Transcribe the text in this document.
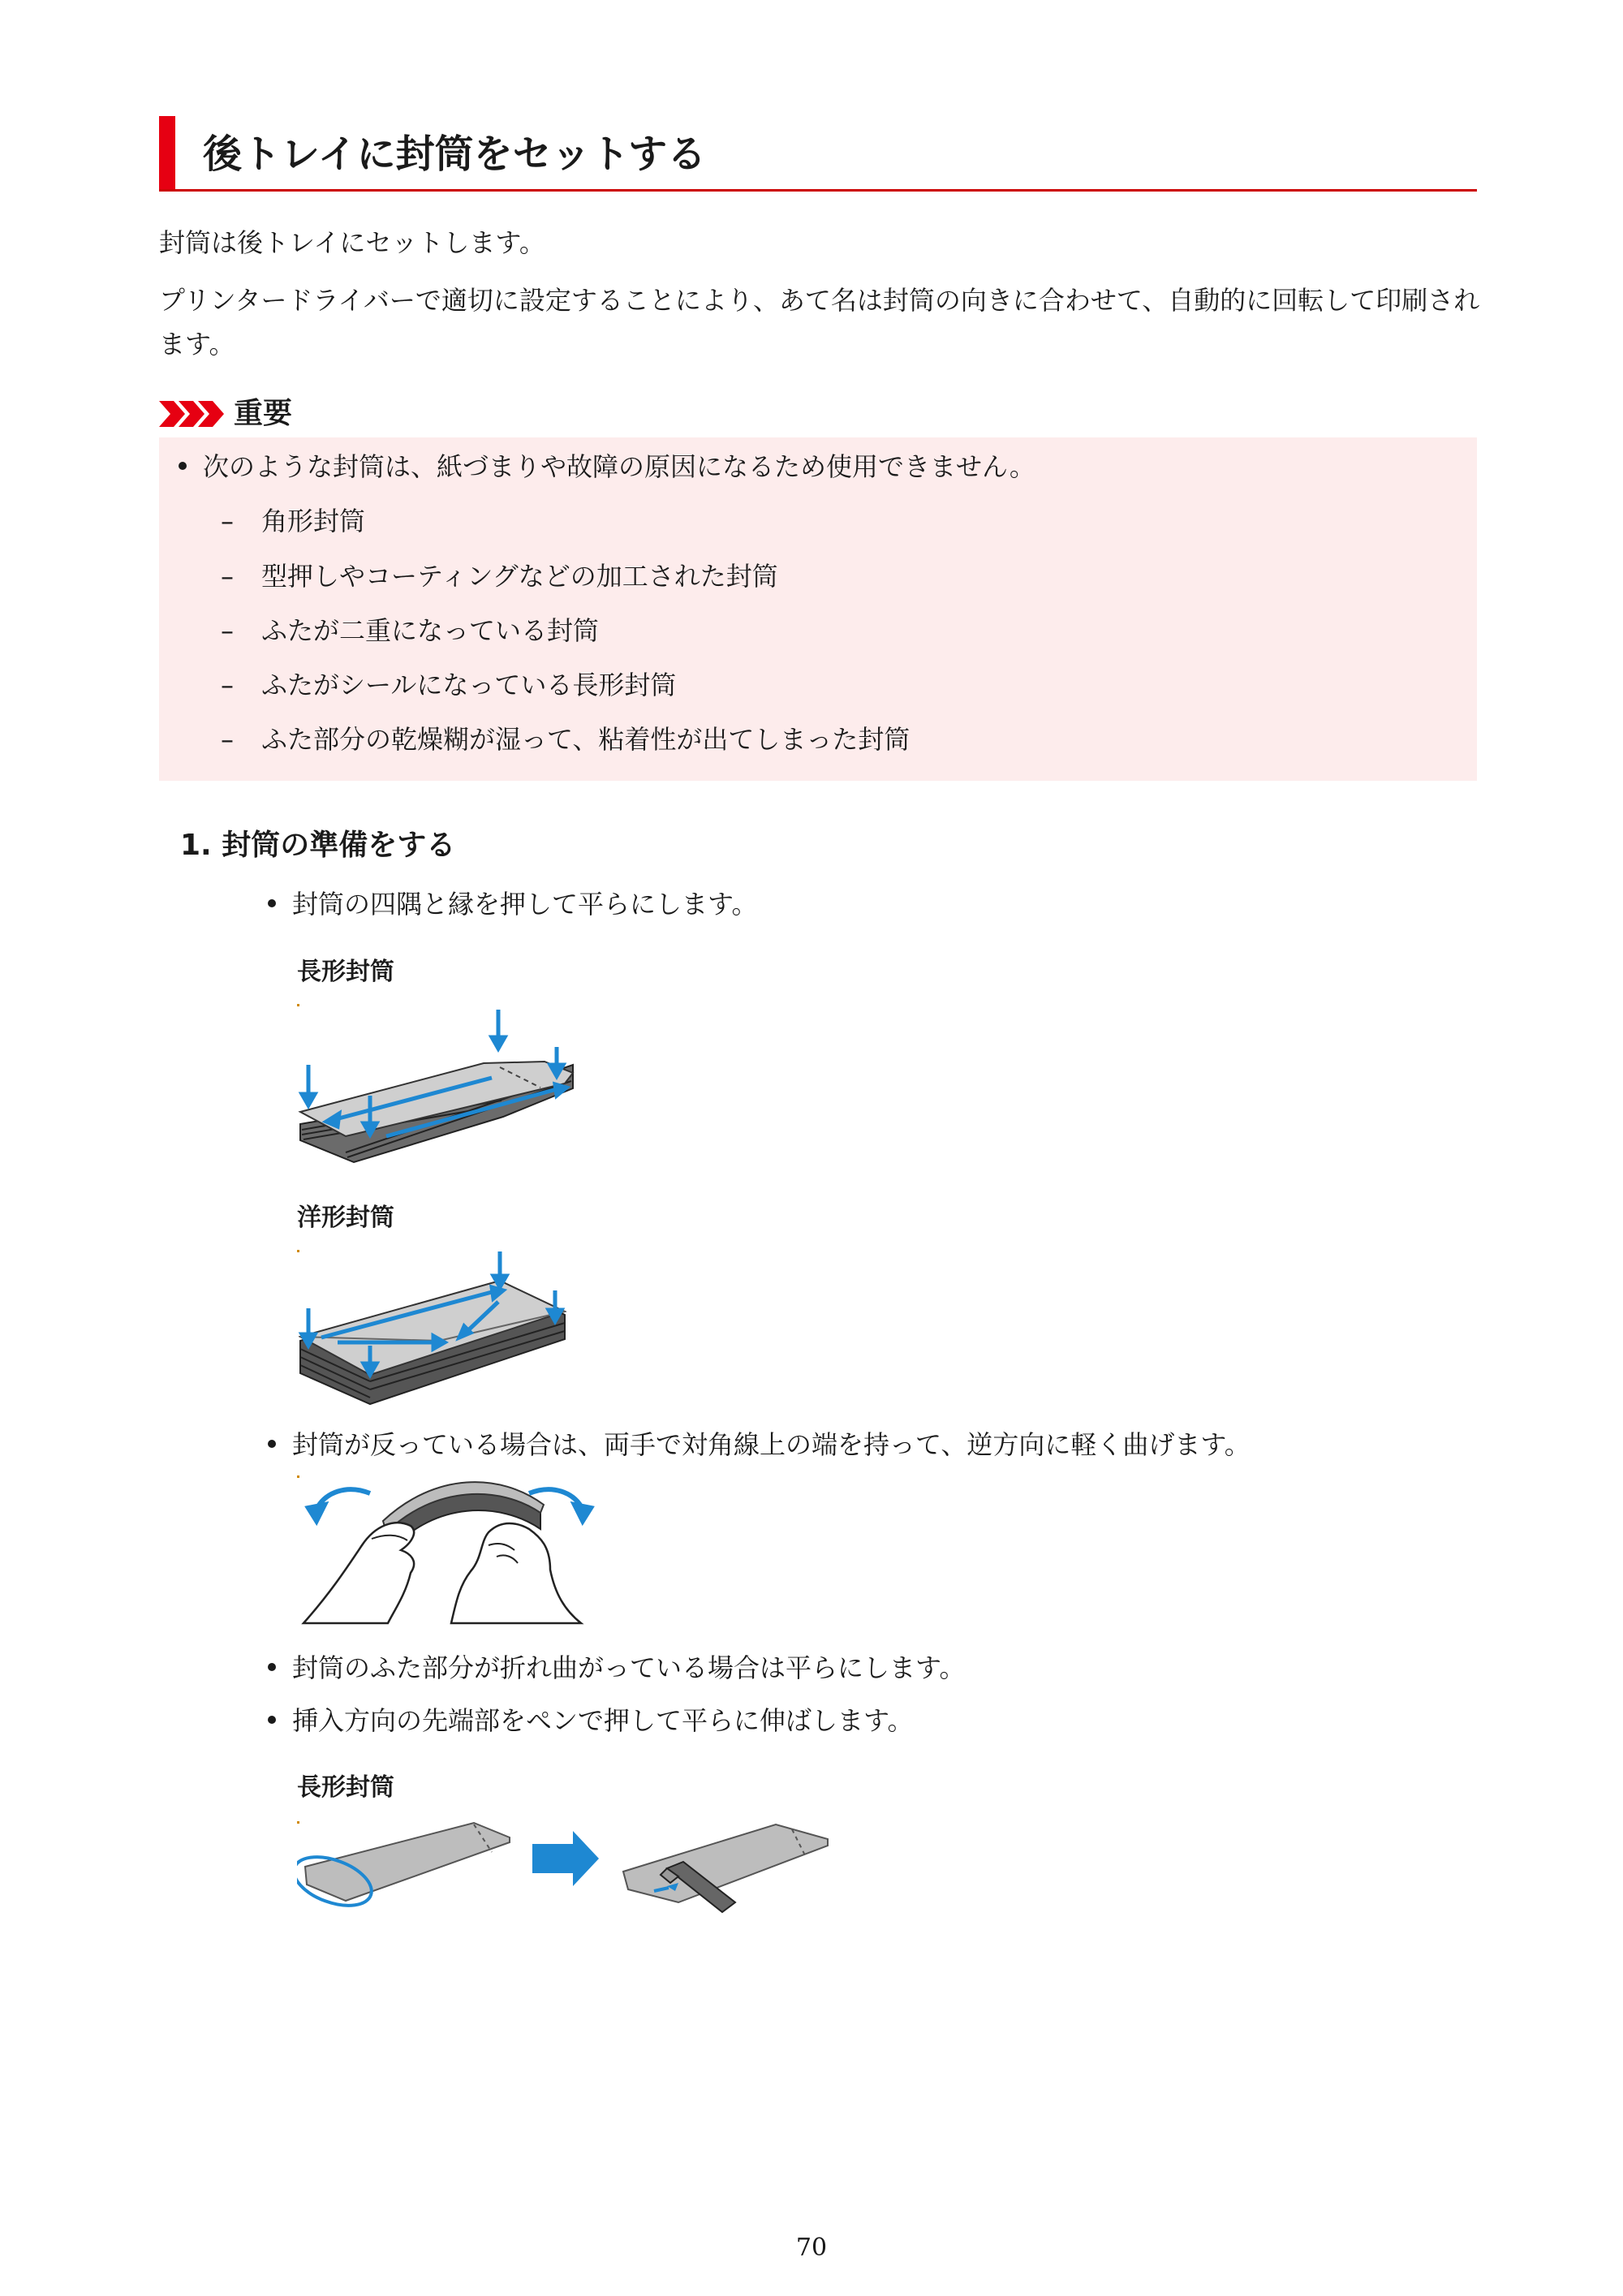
後トレイに封筒をセットする
封筒は後トレイにセットします。
プリンタードライバーで適切に設定することにより、あて名は封筒の向きに合わせて、自動的に回転して印刷されます。
重要
次のような封筒は、紙づまりや故障の原因になるため使用できません。
– 角形封筒
– 型押しやコーティングなどの加工された封筒
– ふたが二重になっている封筒
– ふたがシールになっている長形封筒
– ふた部分の乾燥糊が湿って、粘着性が出てしまった封筒
1. 封筒の準備をする
封筒の四隅と縁を押して平らにします。
長形封筒
洋形封筒
封筒が反っている場合は、両手で対角線上の端を持って、逆方向に軽く曲げます。
封筒のふた部分が折れ曲がっている場合は平らにします。
挿入方向の先端部をペンで押して平らに伸ばします。
長形封筒
70
